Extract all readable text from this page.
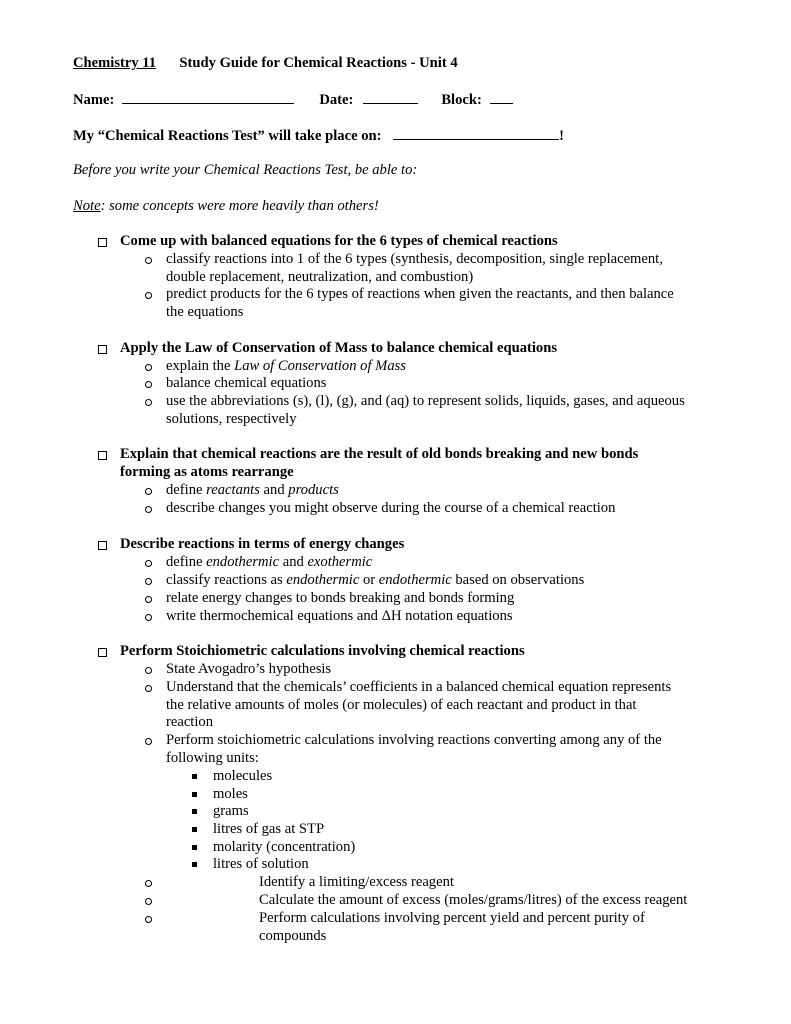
Chemistry 11 Study Guide for Chemical Reactions - Unit 4
Name:	Date:	Block:
My “Chemical Reactions Test” will take place on:	!
Before you write your Chemical Reactions Test, be able to:
Note: some concepts were more heavily than others!
Come up with balanced equations for the 6 types of chemical reactions
classify reactions into 1 of the 6 types (synthesis, decomposition, single replacement,
double replacement, neutralization, and combustion)
predict products for the 6 types of reactions when given the reactants, and then balance
the equations
Apply the Law of Conservation of Mass to balance chemical equations
explain the Law of Conservation of Mass
balance chemical equations
use the abbreviations (s), (l), (g), and (aq) to represent solids, liquids, gases, and aqueous
solutions, respectively
Explain that chemical reactions are the result of old bonds breaking and new bonds
forming as atoms rearrange
define reactants and products
describe changes you might observe during the course of a chemical reaction
Describe reactions in terms of energy changes
define endothermic and exothermic
classify reactions as endothermic or endothermic based on observations
relate energy changes to bonds breaking and bonds forming
write thermochemical equations and ΔH notation equations
Perform Stoichiometric calculations involving chemical reactions
State Avogadro’s hypothesis
Understand that the chemicals’ coefficients in a balanced chemical equation represents
the relative amounts of moles (or molecules) of each reactant and product in that
reaction
Perform stoichiometric calculations involving reactions converting among any of the
following units:
molecules
moles
grams
litres of gas at STP
molarity (concentration)
litres of solution
Identify a limiting/excess reagent
Calculate the amount of excess (moles/grams/litres) of the excess reagent
Perform calculations involving percent yield and percent purity of
compounds
